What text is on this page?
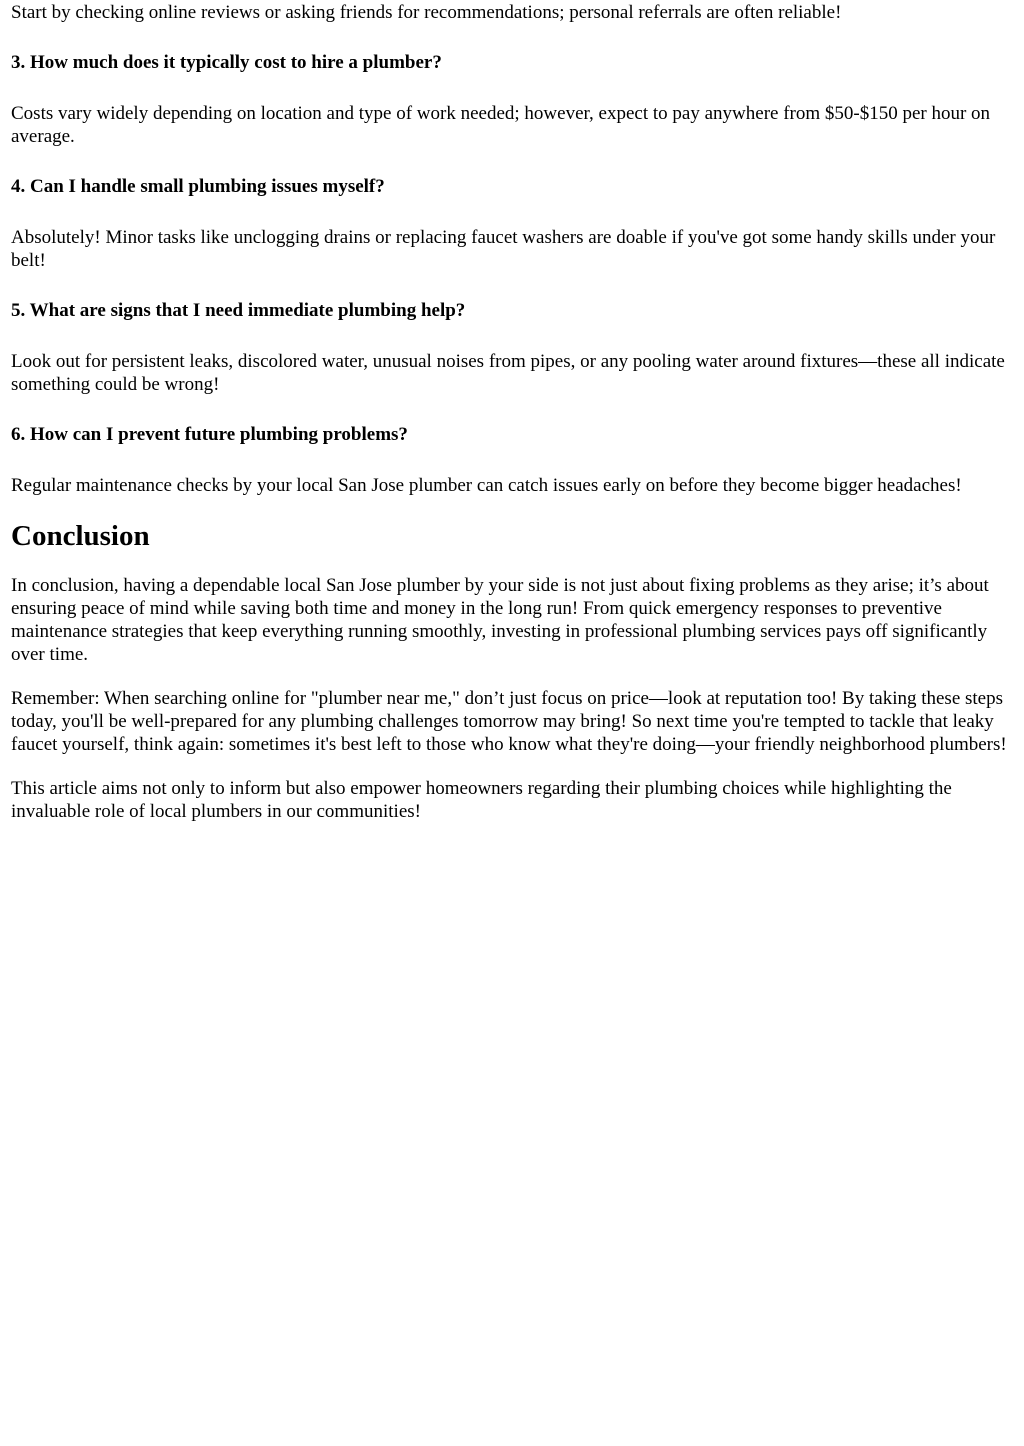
Start by checking online reviews or asking friends for recommendations; personal referrals are often reliable!

3. How much does it typically cost to hire a plumber?

Costs vary widely depending on location and type of work needed; however, expect to pay anywhere from $50-$150 per hour on average.

4. Can I handle small plumbing issues myself?

Absolutely! Minor tasks like unclogging drains or replacing faucet washers are doable if you've got some handy skills under your belt!

5. What are signs that I need immediate plumbing help?

Look out for persistent leaks, discolored water, unusual noises from pipes, or any pooling water around fixtures—these all indicate something could be wrong!

6. How can I prevent future plumbing problems?

Regular maintenance checks by your local San Jose plumber can catch issues early on before they become bigger headaches!

Conclusion

In conclusion, having a dependable local San Jose plumber by your side is not just about fixing problems as they arise; it’s about ensuring peace of mind while saving both time and money in the long run! From quick emergency responses to preventive maintenance strategies that keep everything running smoothly, investing in professional plumbing services pays off significantly over time.

Remember: When searching online for "plumber near me," don’t just focus on price—look at reputation too! By taking these steps today, you'll be well-prepared for any plumbing challenges tomorrow may bring! So next time you're tempted to tackle that leaky faucet yourself, think again: sometimes it's best left to those who know what they're doing—your friendly neighborhood plumbers!

This article aims not only to inform but also empower homeowners regarding their plumbing choices while highlighting the invaluable role of local plumbers in our communities!
